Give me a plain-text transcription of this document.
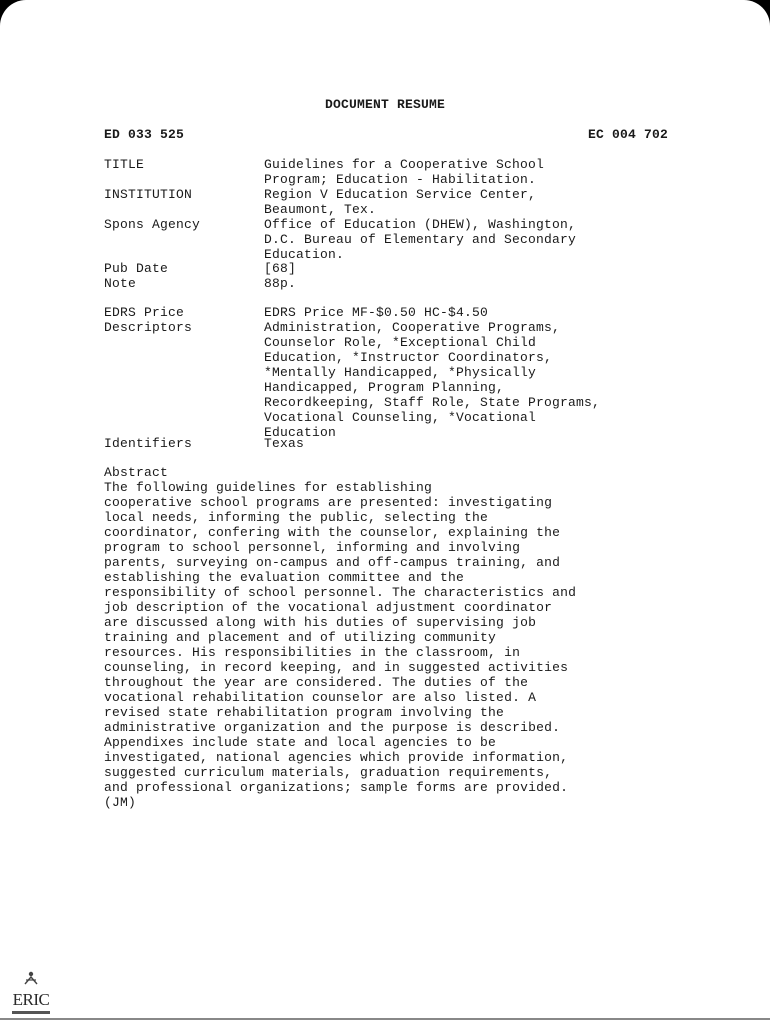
DOCUMENT RESUME
ED 033 525	EC 004 702
TITLE	Guidelines for a Cooperative School
Program; Education - Habilitation.
INSTITUTION	Region V Education Service Center,
Beaumont, Tex.
Spons Agency	Office of Education (DHEW), Washington,
D.C. Bureau of Elementary and Secondary
Education.
Pub Date	[68]
Note	88p.
EDRS Price	EDRS Price MF-$0.50 HC-$4.50
Descriptors	Administration, Cooperative Programs,
Counselor Role, *Exceptional Child
Education, *Instructor Coordinators,
*Mentally Handicapped, *Physically
Handicapped, Program Planning,
Recordkeeping, Staff Role, State Programs,
Vocational Counseling, *Vocational
Education
Identifiers	Texas
Abstract
The following guidelines for establishing
cooperative school programs are presented: investigating
local needs, informing the public, selecting the
coordinator, confering with the counselor, explaining the
program to school personnel, informing and involving
parents, surveying on-campus and off-campus training, and
establishing the evaluation committee and the
responsibility of school personnel. The characteristics and
job description of the vocational adjustment coordinator
are discussed along with his duties of supervising job
training and placement and of utilizing community
resources. His responsibilities in the classroom, in
counseling, in record keeping, and in suggested activities
throughout the year are considered. The duties of the
vocational rehabilitation counselor are also listed. A
revised state rehabilitation program involving the
administrative organization and the purpose is described.
Appendixes include state and local agencies to be
investigated, national agencies which provide information,
suggested curriculum materials, graduation requirements,
and professional organizations; sample forms are provided.
(JM)
ERIC
